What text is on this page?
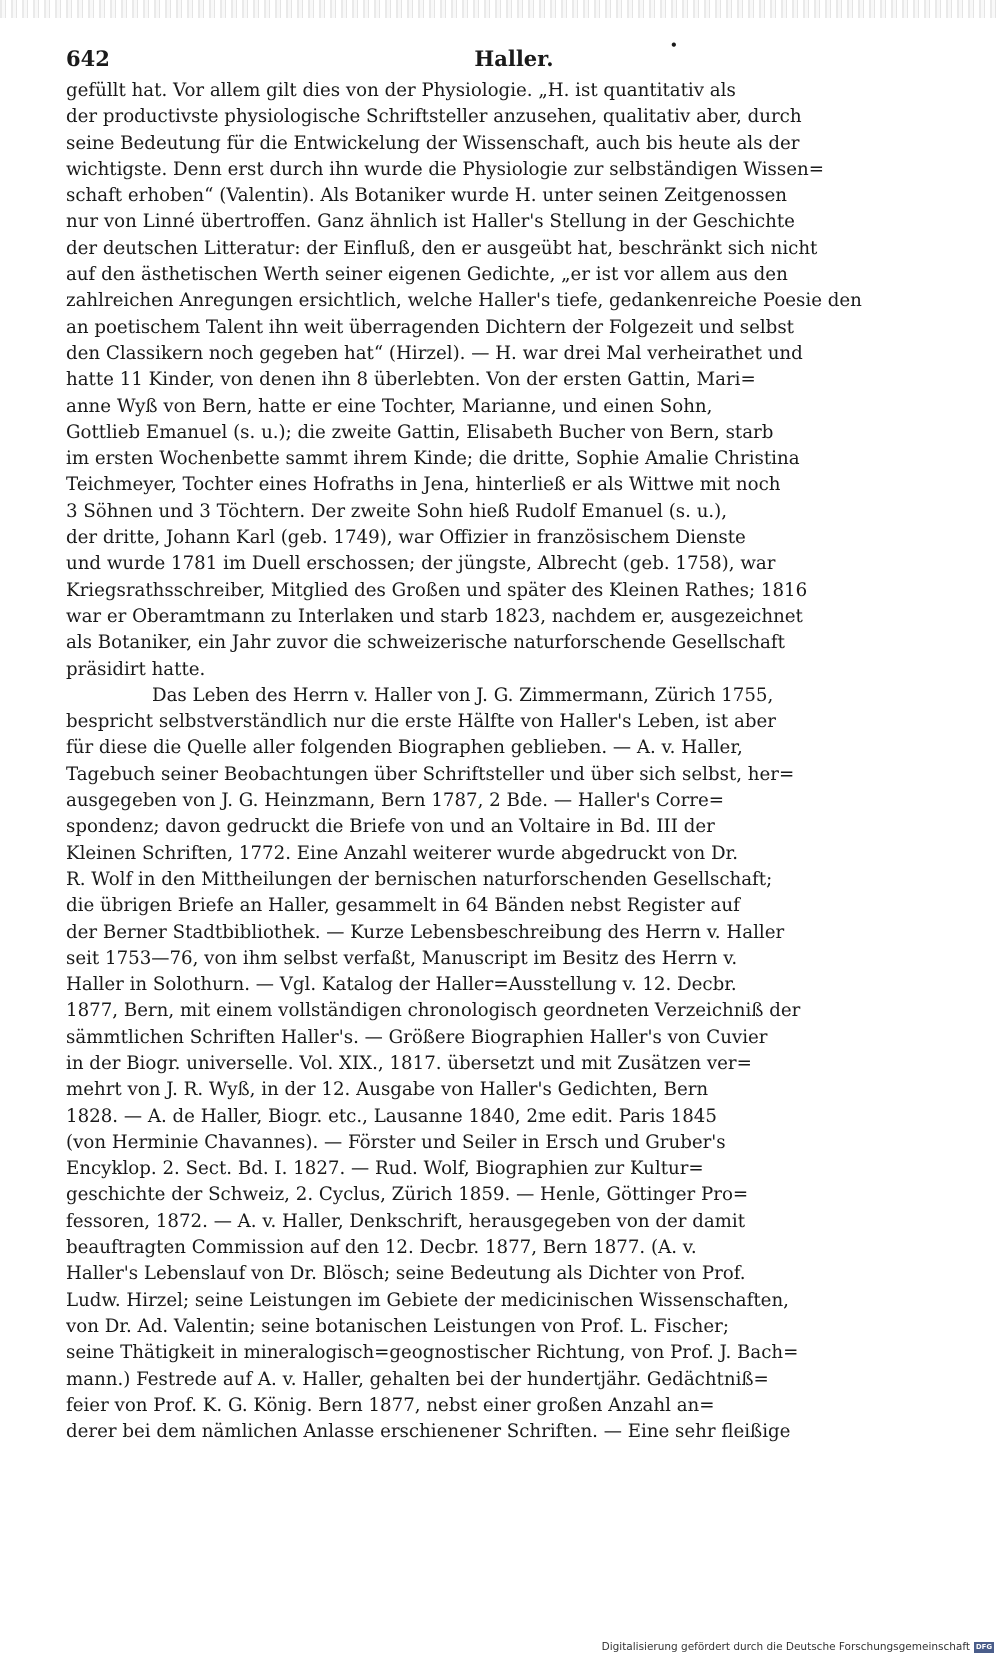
642	Haller.
•
gefüllt hat. Vor allem gilt dies von der Physiologie. „H. ist quantitativ als
der productivste physiologische Schriftsteller anzusehen, qualitativ aber, durch
seine Bedeutung für die Entwickelung der Wissenschaft, auch bis heute als der
wichtigste. Denn erst durch ihn wurde die Physiologie zur selbständigen Wissen=
schaft erhoben“ (Valentin). Als Botaniker wurde H. unter seinen Zeitgenossen
nur von Linné übertroffen. Ganz ähnlich ist Haller's Stellung in der Geschichte
der deutschen Litteratur: der Einfluß, den er ausgeübt hat, beschränkt sich nicht
auf den ästhetischen Werth seiner eigenen Gedichte, „er ist vor allem aus den
zahlreichen Anregungen ersichtlich, welche Haller's tiefe, gedankenreiche Poesie den
an poetischem Talent ihn weit überragenden Dichtern der Folgezeit und selbst
den Classikern noch gegeben hat“ (Hirzel). — H. war drei Mal verheirathet und
hatte 11 Kinder, von denen ihn 8 überlebten. Von der ersten Gattin, Mari=
anne Wyß von Bern, hatte er eine Tochter, Marianne, und einen Sohn,
Gottlieb Emanuel (s. u.); die zweite Gattin, Elisabeth Bucher von Bern, starb
im ersten Wochenbette sammt ihrem Kinde; die dritte, Sophie Amalie Christina
Teichmeyer, Tochter eines Hofraths in Jena, hinterließ er als Wittwe mit noch
3 Söhnen und 3 Töchtern. Der zweite Sohn hieß Rudolf Emanuel (s. u.),
der dritte, Johann Karl (geb. 1749), war Offizier in französischem Dienste
und wurde 1781 im Duell erschossen; der jüngste, Albrecht (geb. 1758), war
Kriegsrathsschreiber, Mitglied des Großen und später des Kleinen Rathes; 1816
war er Oberamtmann zu Interlaken und starb 1823, nachdem er, ausgezeichnet
als Botaniker, ein Jahr zuvor die schweizerische naturforschende Gesellschaft
präsidirt hatte.
Das Leben des Herrn v. Haller von J. G. Zimmermann, Zürich 1755,
bespricht selbstverständlich nur die erste Hälfte von Haller's Leben, ist aber
für diese die Quelle aller folgenden Biographen geblieben. — A. v. Haller,
Tagebuch seiner Beobachtungen über Schriftsteller und über sich selbst, her=
ausgegeben von J. G. Heinzmann, Bern 1787, 2 Bde. — Haller's Corre=
spondenz; davon gedruckt die Briefe von und an Voltaire in Bd. III der
Kleinen Schriften, 1772. Eine Anzahl weiterer wurde abgedruckt von Dr.
R. Wolf in den Mittheilungen der bernischen naturforschenden Gesellschaft;
die übrigen Briefe an Haller, gesammelt in 64 Bänden nebst Register auf
der Berner Stadtbibliothek. — Kurze Lebensbeschreibung des Herrn v. Haller
seit 1753—76, von ihm selbst verfaßt, Manuscript im Besitz des Herrn v.
Haller in Solothurn. — Vgl. Katalog der Haller=Ausstellung v. 12. Decbr.
1877, Bern, mit einem vollständigen chronologisch geordneten Verzeichniß der
sämmtlichen Schriften Haller's. — Größere Biographien Haller's von Cuvier
in der Biogr. universelle. Vol. XIX., 1817. übersetzt und mit Zusätzen ver=
mehrt von J. R. Wyß, in der 12. Ausgabe von Haller's Gedichten, Bern
1828. — A. de Haller, Biogr. etc., Lausanne 1840, 2me edit. Paris 1845
(von Herminie Chavannes). — Förster und Seiler in Ersch und Gruber's
Encyklop. 2. Sect. Bd. I. 1827. — Rud. Wolf, Biographien zur Kultur=
geschichte der Schweiz, 2. Cyclus, Zürich 1859. — Henle, Göttinger Pro=
fessoren, 1872. — A. v. Haller, Denkschrift, herausgegeben von der damit
beauftragten Commission auf den 12. Decbr. 1877, Bern 1877. (A. v.
Haller's Lebenslauf von Dr. Blösch; seine Bedeutung als Dichter von Prof.
Ludw. Hirzel; seine Leistungen im Gebiete der medicinischen Wissenschaften,
von Dr. Ad. Valentin; seine botanischen Leistungen von Prof. L. Fischer;
seine Thätigkeit in mineralogisch=geognostischer Richtung, von Prof. J. Bach=
mann.) Festrede auf A. v. Haller, gehalten bei der hundertjähr. Gedächtniß=
feier von Prof. K. G. König. Bern 1877, nebst einer großen Anzahl an=
derer bei dem nämlichen Anlasse erschienener Schriften. — Eine sehr fleißige
Digitalisierung gefördert durch die Deutsche Forschungsgemeinschaft DFG
